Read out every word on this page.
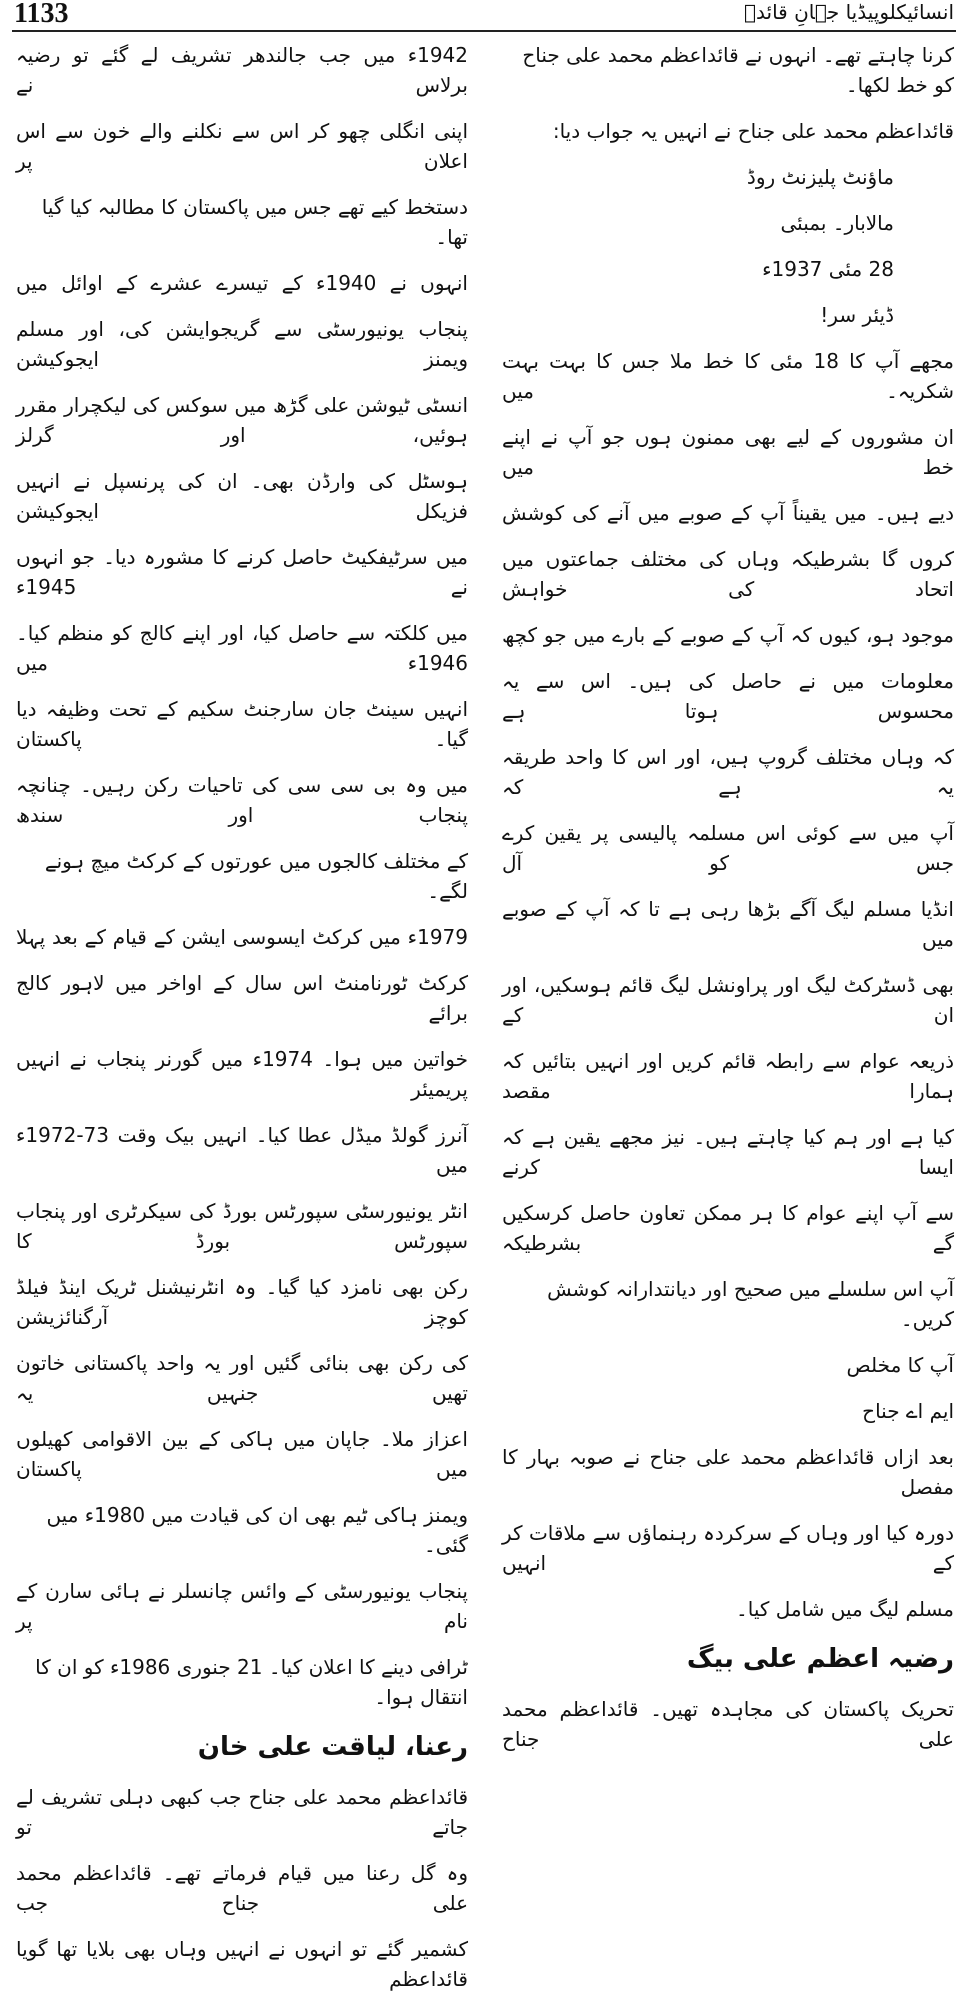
1133	انسائیکلوپیڈیا جہانِ قائدؒ
کرنا چاہتے تھے۔ انہوں نے قائداعظم محمد علی جناح کو خط لکھا۔
قائداعظم محمد علی جناح نے انہیں یہ جواب دیا:
ماؤنٹ پلیزنٹ روڈ
مالابار۔ بمبئی
28 مئی 1937ء
ڈیئر سر!
مجھے آپ کا 18 مئی کا خط ملا جس کا بہت بہت شکریہ۔ میں
ان مشوروں کے لیے بھی ممنون ہوں جو آپ نے اپنے خط میں
دیے ہیں۔ میں یقیناً آپ کے صوبے میں آنے کی کوشش
کروں گا بشرطیکہ وہاں کی مختلف جماعتوں میں اتحاد کی خواہش
موجود ہو، کیوں کہ آپ کے صوبے کے بارے میں جو کچھ
معلومات میں نے حاصل کی ہیں۔ اس سے یہ محسوس ہوتا ہے
کہ وہاں مختلف گروپ ہیں، اور اس کا واحد طریقہ یہ ہے کہ
آپ میں سے کوئی اس مسلمہ پالیسی پر یقین کرے جس کو آل
انڈیا مسلم لیگ آگے بڑھا رہی ہے تا کہ آپ کے صوبے میں
بھی ڈسٹرکٹ لیگ اور پراونشل لیگ قائم ہوسکیں، اور ان کے
ذریعہ عوام سے رابطہ قائم کریں اور انہیں بتائیں کہ ہمارا مقصد
کیا ہے اور ہم کیا چاہتے ہیں۔ نیز مجھے یقین ہے کہ ایسا کرنے
سے آپ اپنے عوام کا ہر ممکن تعاون حاصل کرسکیں گے بشرطیکہ
آپ اس سلسلے میں صحیح اور دیانتدارانہ کوشش کریں۔
آپ کا مخلص
ایم اے جناح
بعد ازاں قائداعظم محمد علی جناح نے صوبہ بہار کا مفصل
دورہ کیا اور وہاں کے سرکردہ رہنماؤں سے ملاقات کر کے انہیں
مسلم لیگ میں شامل کیا۔
رضیہ اعظم علی بیگ
تحریک پاکستان کی مجاہدہ تھیں۔ قائداعظم محمد علی جناح
1942ء میں جب جالندھر تشریف لے گئے تو رضیہ برلاس نے
اپنی انگلی چھو کر اس سے نکلنے والے خون سے اس اعلان پر
دستخط کیے تھے جس میں پاکستان کا مطالبہ کیا گیا تھا۔
انہوں نے 1940ء کے تیسرے عشرے کے اوائل میں
پنجاب یونیورسٹی سے گریجوایشن کی، اور مسلم ویمنز ایجوکیشن
انسٹی ٹیوشن علی گڑھ میں سوکس کی لیکچرار مقرر ہوئیں، اور گرلز
ہوسٹل کی وارڈن بھی۔ ان کی پرنسپل نے انہیں فزیکل ایجوکیشن
میں سرٹیفکیٹ حاصل کرنے کا مشورہ دیا۔ جو انہوں نے 1945ء
میں کلکتہ سے حاصل کیا، اور اپنے کالج کو منظم کیا۔ 1946ء میں
انہیں سینٹ جان سارجنٹ سکیم کے تحت وظیفہ دیا گیا۔ پاکستان
میں وہ بی سی سی کی تاحیات رکن رہیں۔ چنانچہ پنجاب اور سندھ
کے مختلف کالجوں میں عورتوں کے کرکٹ میچ ہونے لگے۔
1979ء میں کرکٹ ایسوسی ایشن کے قیام کے بعد پہلا
کرکٹ ٹورنامنٹ اس سال کے اواخر میں لاہور کالج برائے
خواتین میں ہوا۔ 1974ء میں گورنر پنجاب نے انہیں پریمیئر
آنرز گولڈ میڈل عطا کیا۔ انہیں بیک وقت 73-1972ء میں
انٹر یونیورسٹی سپورٹس بورڈ کی سیکرٹری اور پنجاب سپورٹس بورڈ کا
رکن بھی نامزد کیا گیا۔ وہ انٹرنیشنل ٹریک اینڈ فیلڈ کوچز آرگنائزیشن
کی رکن بھی بنائی گئیں اور یہ واحد پاکستانی خاتون تھیں جنہیں یہ
اعزاز ملا۔ جاپان میں ہاکی کے بین الاقوامی کھیلوں میں پاکستان
ویمنز ہاکی ٹیم بھی ان کی قیادت میں 1980ء میں گئی۔
پنجاب یونیورسٹی کے وائس چانسلر نے ہائی سارن کے نام پر
ٹرافی دینے کا اعلان کیا۔ 21 جنوری 1986ء کو ان کا انتقال ہوا۔
رعنا، لیاقت علی خان
قائداعظم محمد علی جناح جب کبھی دہلی تشریف لے جاتے تو
وہ گل رعنا میں قیام فرماتے تھے۔ قائداعظم محمد علی جناح جب
کشمیر گئے تو انہوں نے انہیں وہاں بھی بلایا تھا گویا قائداعظم
